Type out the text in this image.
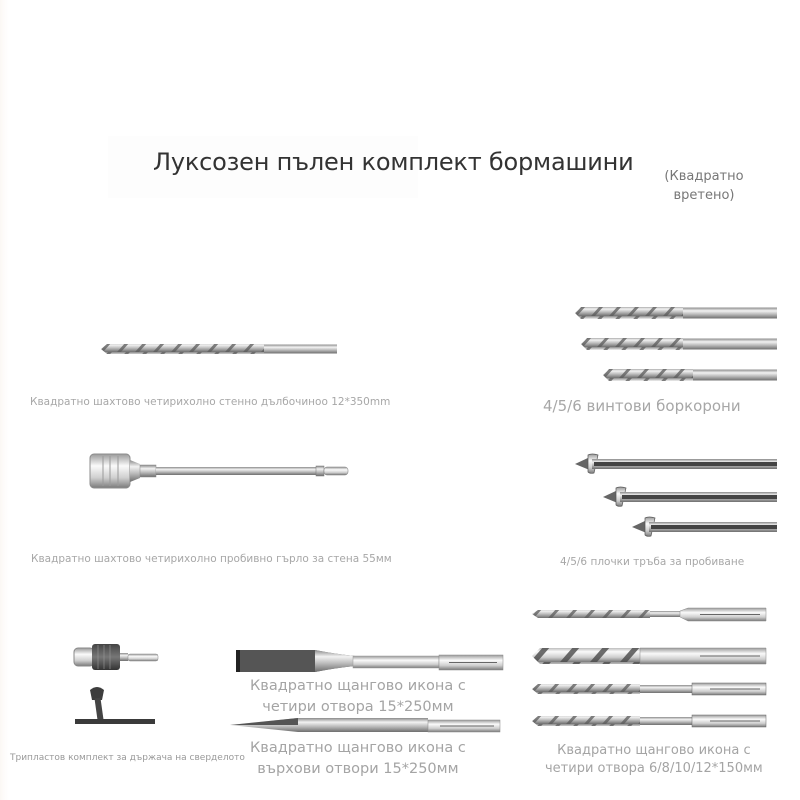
Луксозен пълен комплект бормашини
(Квадратно
вретено)
Квадратно шахтово четирихолно стенно дълбочиноо 12*350mm	4/5/6 винтови боркорони
Квадратно шахтово четирихолно пробивно гърло за стена 55мм	4/5/6 плочки тръба за пробиване
Трипластов комплект за държача на сверделото
Квадратно щангово икона с
четири отвора 15*250мм
Квадратно щангово икона с
върхови отвори 15*250мм
Квадратно щангово икона с
четири отвора 6/8/10/12*150мм
